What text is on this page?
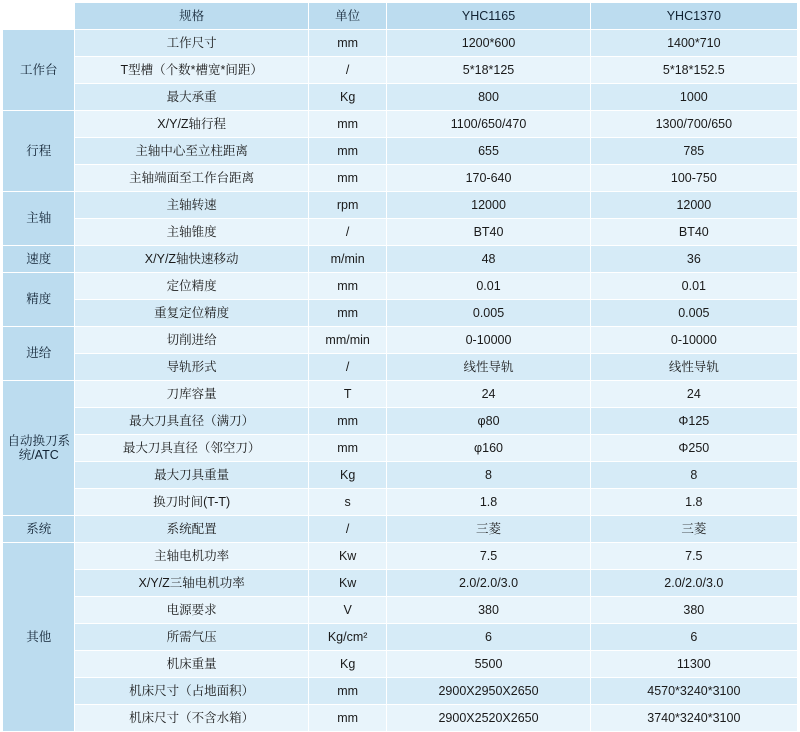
	规格	单位	YHC1165	YHC1370
工作台	工作尺寸	mm	1200*600	1400*710
	T型槽（个数*槽宽*间距）	/	5*18*125	5*18*152.5
	最大承重	Kg	800	1000
行程	X/Y/Z轴行程	mm	1100/650/470	1300/700/650
	主轴中心至立柱距离	mm	655	785
	主轴端面至工作台距离	mm	170-640	100-750
主轴	主轴转速	rpm	12000	12000
	主轴锥度	/	BT40	BT40
速度	X/Y/Z轴快速移动	m/min	48	36
精度	定位精度	mm	0.01	0.01
	重复定位精度	mm	0.005	0.005
进给	切削进给	mm/min	0-10000	0-10000
	导轨形式	/	线性导轨	线性导轨
自动换刀系统/ATC	刀库容量	T	24	24
	最大刀具直径（满刀）	mm	φ80	Φ125
	最大刀具直径（邻空刀）	mm	φ160	Φ250
	最大刀具重量	Kg	8	8
	换刀时间(T-T)	s	1.8	1.8
系统	系统配置	/	三菱	三菱
其他	主轴电机功率	Kw	7.5	7.5
	X/Y/Z三轴电机功率	Kw	2.0/2.0/3.0	2.0/2.0/3.0
	电源要求	V	380	380
	所需气压	Kg/cm²	6	6
	机床重量	Kg	5500	11300
	机床尺寸（占地面积）	mm	2900X2950X2650	4570*3240*3100
	机床尺寸（不含水箱）	mm	2900X2520X2650	3740*3240*3100
